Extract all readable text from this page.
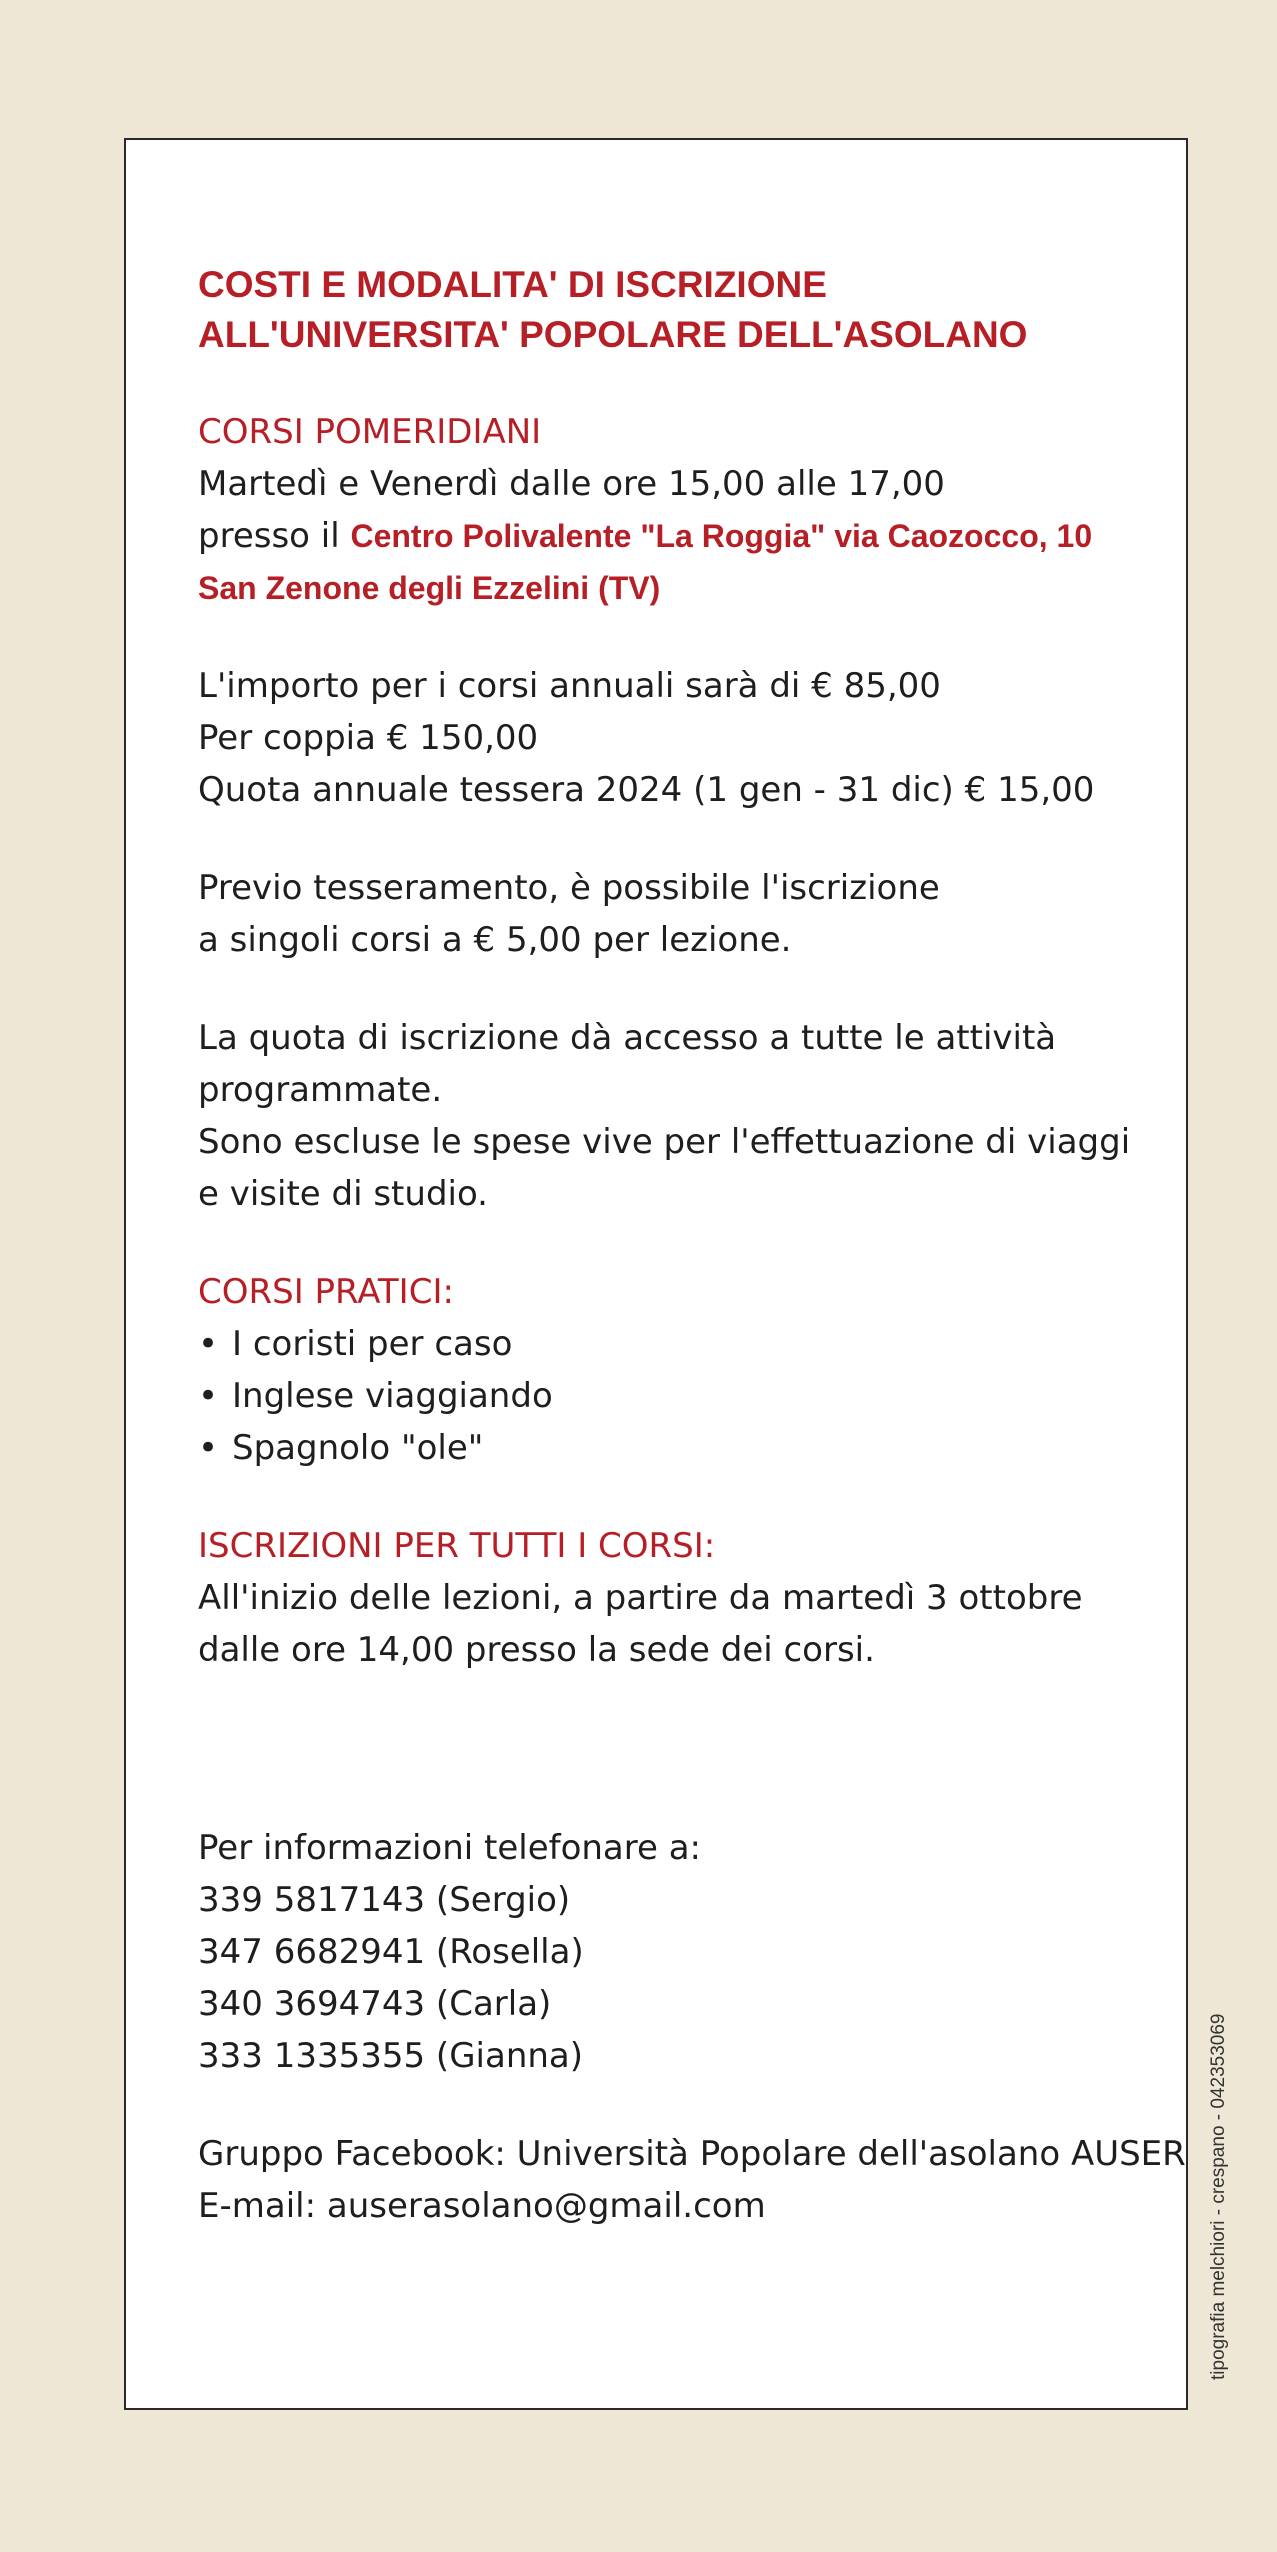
COSTI E MODALITA' DI ISCRIZIONE

ALL'UNIVERSITA' POPOLARE DELL'ASOLANO

CORSI POMERIDIANI

Martedì e Venerdì dalle ore 15,00 alle 17,00

presso il Centro Polivalente "La Roggia" via Caozocco, 10

San Zenone degli Ezzelini (TV)

L'importo per i corsi annuali sarà di € 85,00

Per coppia € 150,00

Quota annuale tessera 2024 (1 gen - 31 dic) € 15,00

Previo tesseramento, è possibile l'iscrizione

a singoli corsi a € 5,00 per lezione.

La quota di iscrizione dà accesso a tutte le attività

programmate.

Sono escluse le spese vive per l'effettuazione di viaggi

e visite di studio.

CORSI PRATICI:

• I coristi per caso

• Inglese viaggiando

• Spagnolo "ole"

ISCRIZIONI PER TUTTI I CORSI:

All'inizio delle lezioni, a partire da martedì 3 ottobre

dalle ore 14,00 presso la sede dei corsi.

Per informazioni telefonare a:

339 5817143 (Sergio)

347 6682941 (Rosella)

340 3694743 (Carla)

333 1335355 (Gianna)

Gruppo Facebook: Università Popolare dell'asolano AUSER

E-mail: auserasolano@gmail.com	tipografia melchiori - crespano - 042353069
